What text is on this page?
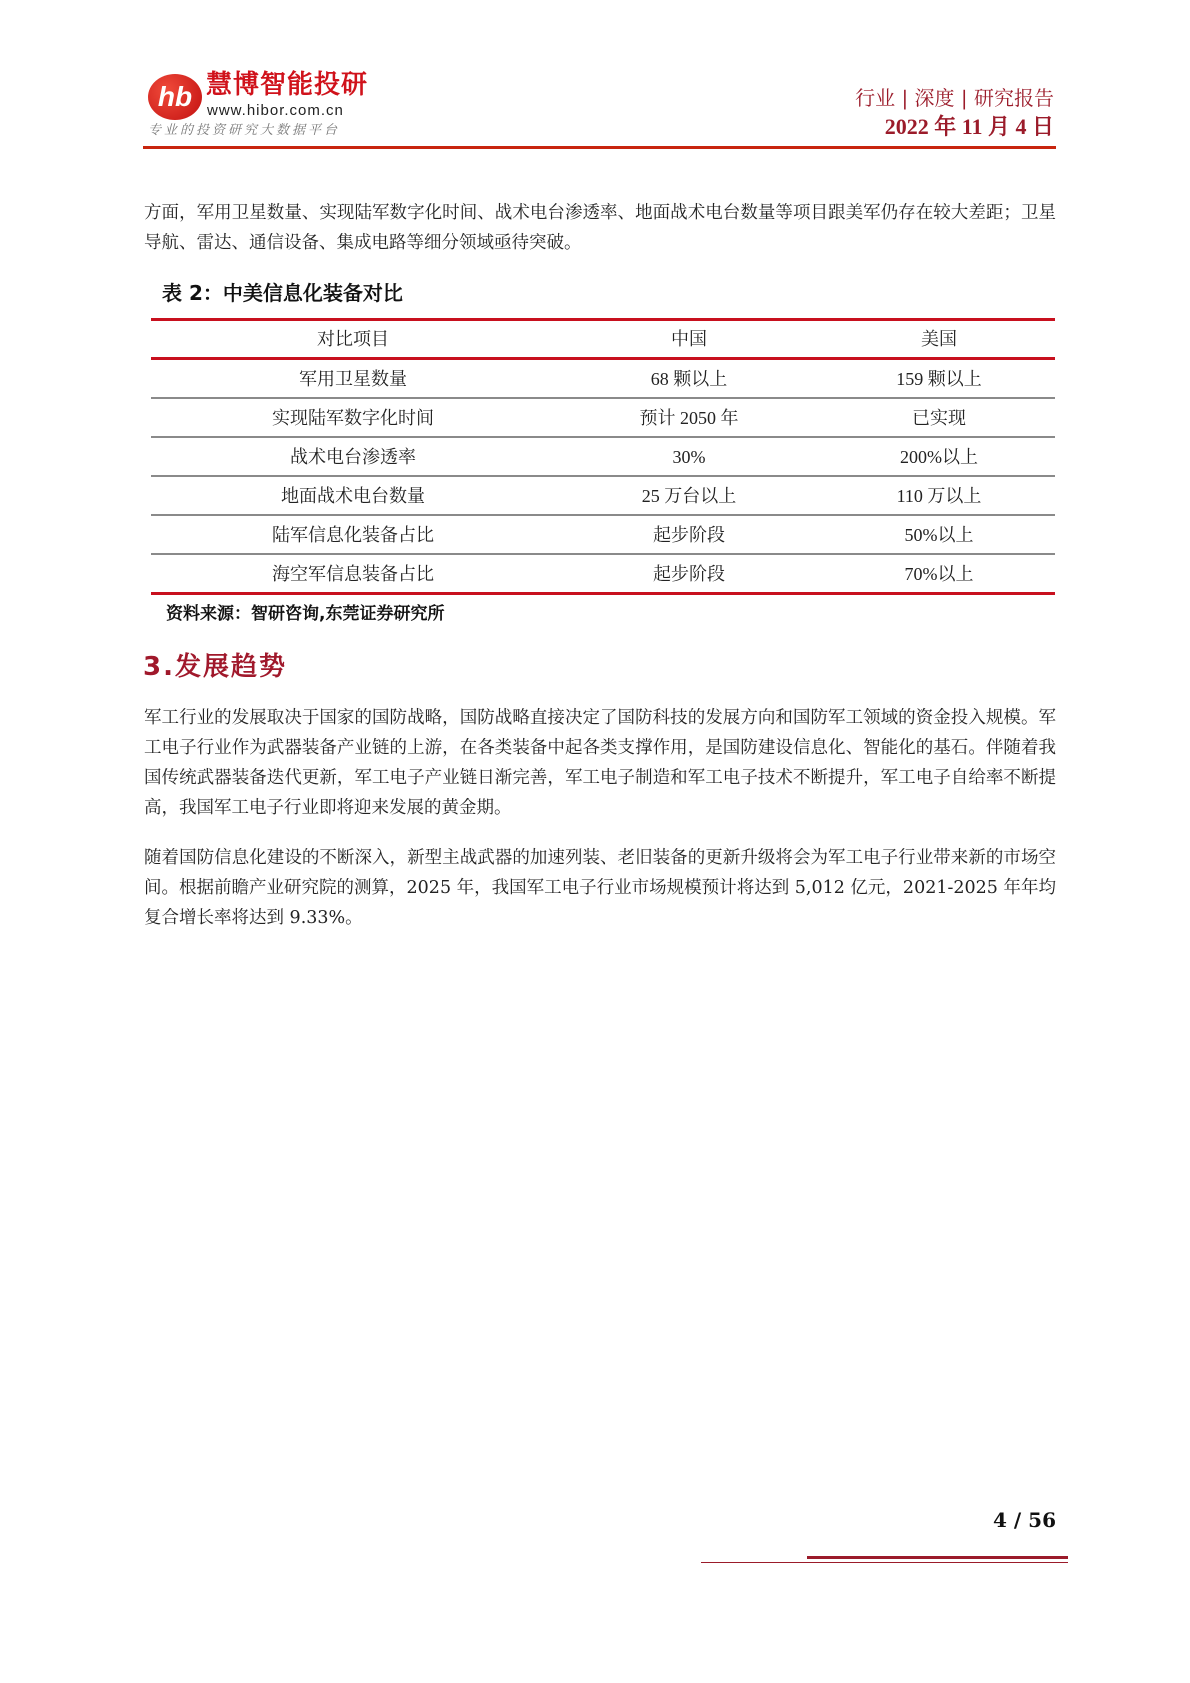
hb 慧博智能投研
www.hibor.com.cn
专业的投资研究大数据平台
行业 | 深度 | 研究报告
2022 年 11 月 4 日

方面，军用卫星数量、实现陆军数字化时间、战术电台渗透率、地面战术电台数量等项目跟美军仍存在较大差距；卫星导航、雷达、通信设备、集成电路等细分领域亟待突破。

表 2：中美信息化装备对比
对比项目	中国	美国
军用卫星数量	68 颗以上	159 颗以上
实现陆军数字化时间	预计 2050 年	已实现
战术电台渗透率	30%	200%以上
地面战术电台数量	25 万台以上	110 万以上
陆军信息化装备占比	起步阶段	50%以上
海空军信息装备占比	起步阶段	70%以上
资料来源：智研咨询,东莞证券研究所
3.发展趋势

军工行业的发展取决于国家的国防战略，国防战略直接决定了国防科技的发展方向和国防军工领域的资金投入规模。军工电子行业作为武器装备产业链的上游，在各类装备中起各类支撑作用，是国防建设信息化、智能化的基石。伴随着我国传统武器装备迭代更新，军工电子产业链日渐完善，军工电子制造和军工电子技术不断提升，军工电子自给率不断提高，我国军工电子行业即将迎来发展的黄金期。

随着国防信息化建设的不断深入，新型主战武器的加速列装、老旧装备的更新升级将会为军工电子行业带来新的市场空间。根据前瞻产业研究院的测算，2025 年，我国军工电子行业市场规模预计将达到 5,012 亿元，2021-2025 年年均复合增长率将达到 9.33%。

4 / 56
